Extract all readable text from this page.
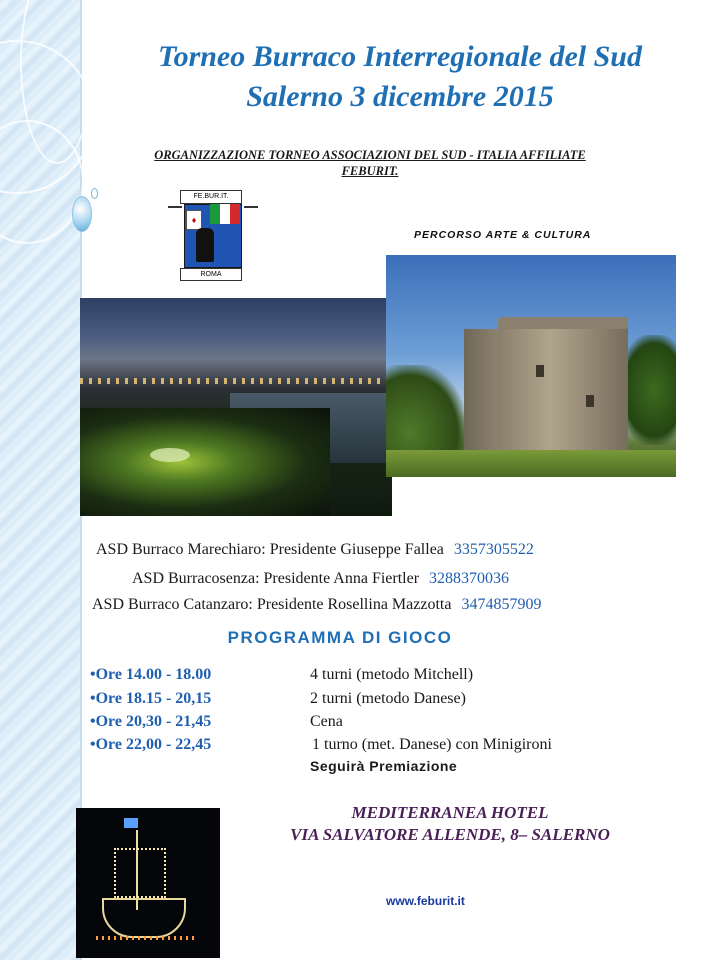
Torneo Burraco Interregionale del Sud
Salerno 3 dicembre 2015
ORGANIZZAZIONE TORNEO ASSOCIAZIONI DEL SUD - ITALIA AFFILIATE
FEBURIT.
FE.BUR.IT.
♦
ROMA
PERCORSO ARTE & CULTURA
ASD Burraco Marechiaro: Presidente Giuseppe Fallea 3357305522
ASD Burracosenza: Presidente Anna Fiertler 3288370036
ASD Burraco Catanzaro: Presidente Rosellina Mazzotta 3474857909
PROGRAMMA DI GIOCO
•Ore 14.00 - 18.00	4 turni (metodo Mitchell)
•Ore 18.15 - 20,15	2 turni (metodo Danese)
•Ore 20,30 - 21,45	Cena
•Ore 22,00 - 22,45	1 turno (met. Danese) con Minigironi
Seguirà Premiazione
MEDITERRANEA HOTEL
VIA SALVATORE ALLENDE, 8– SALERNO
www.feburit.it
